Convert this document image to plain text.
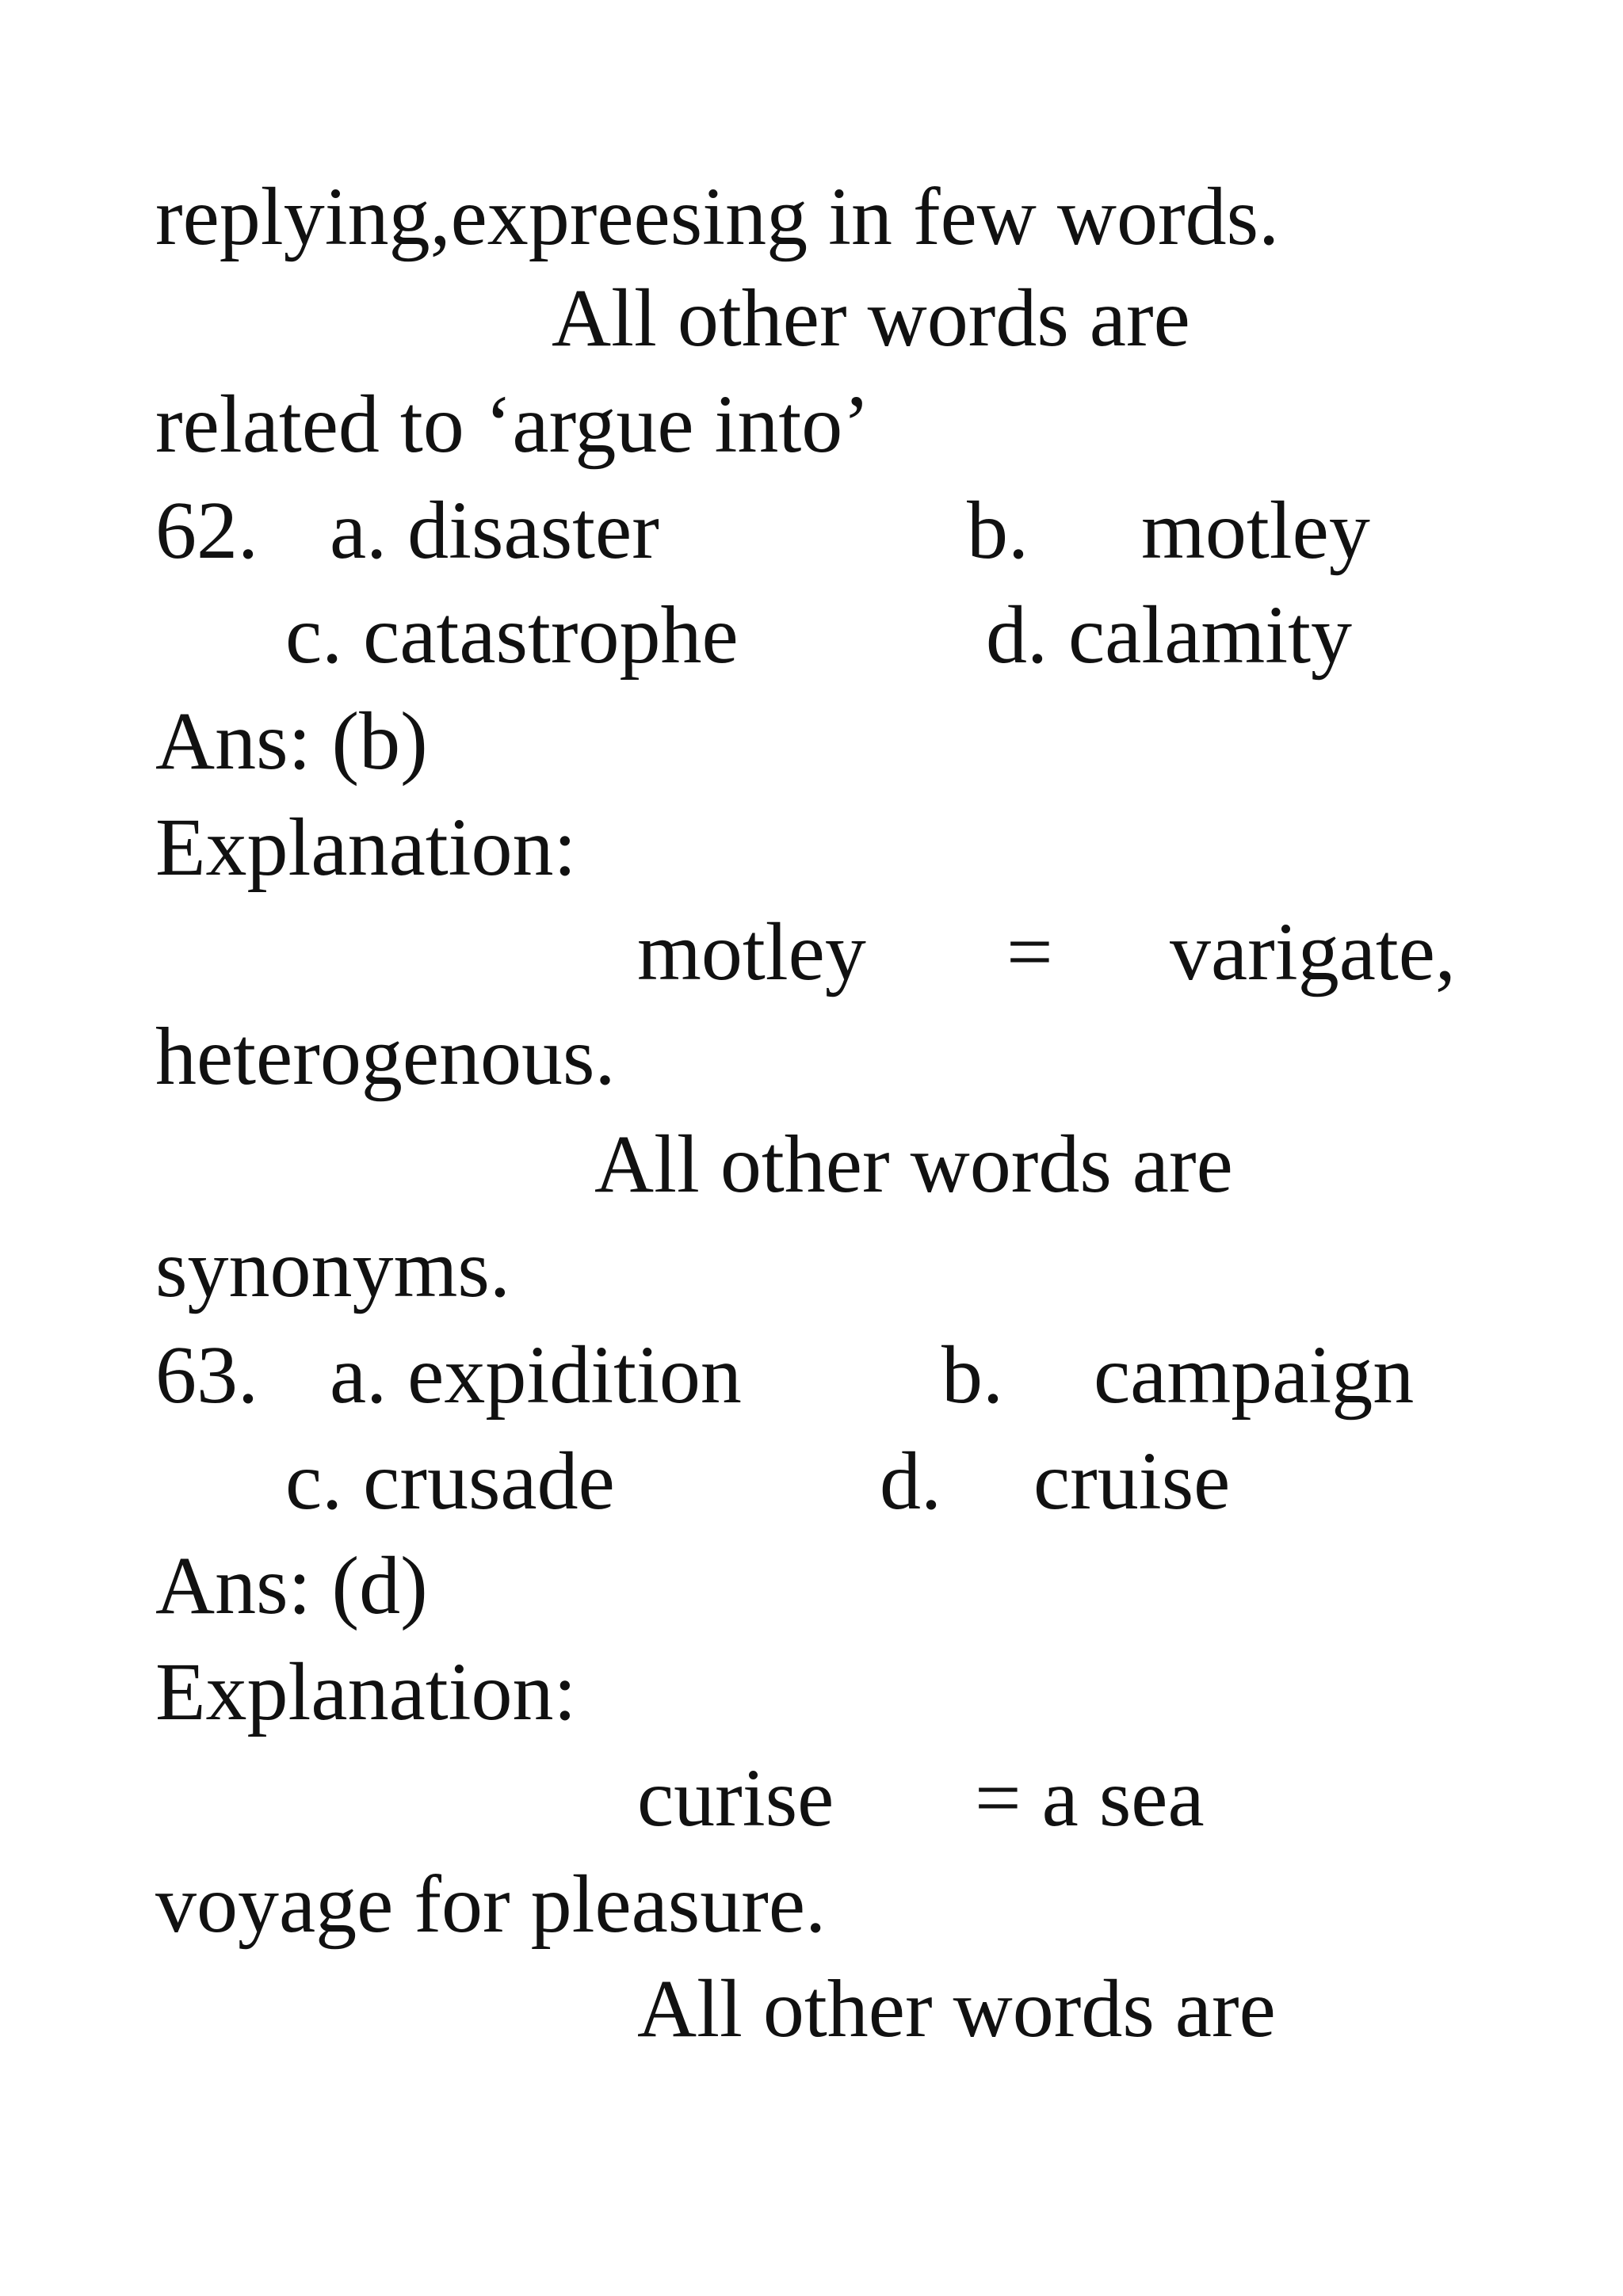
replying,expreesing in few words.
All other words are
related to ‘argue into’
62. a. disaster	b. motley
c. catastrophe	d. calamity
Ans: (b)
Explanation:
motley = varigate,
heterogenous.
All other words are
synonyms.
63. a. expidition b. campaign
c. crusade	d. cruise
Ans: (d)
Explanation:
curise = a sea
voyage for pleasure.
All other words are
